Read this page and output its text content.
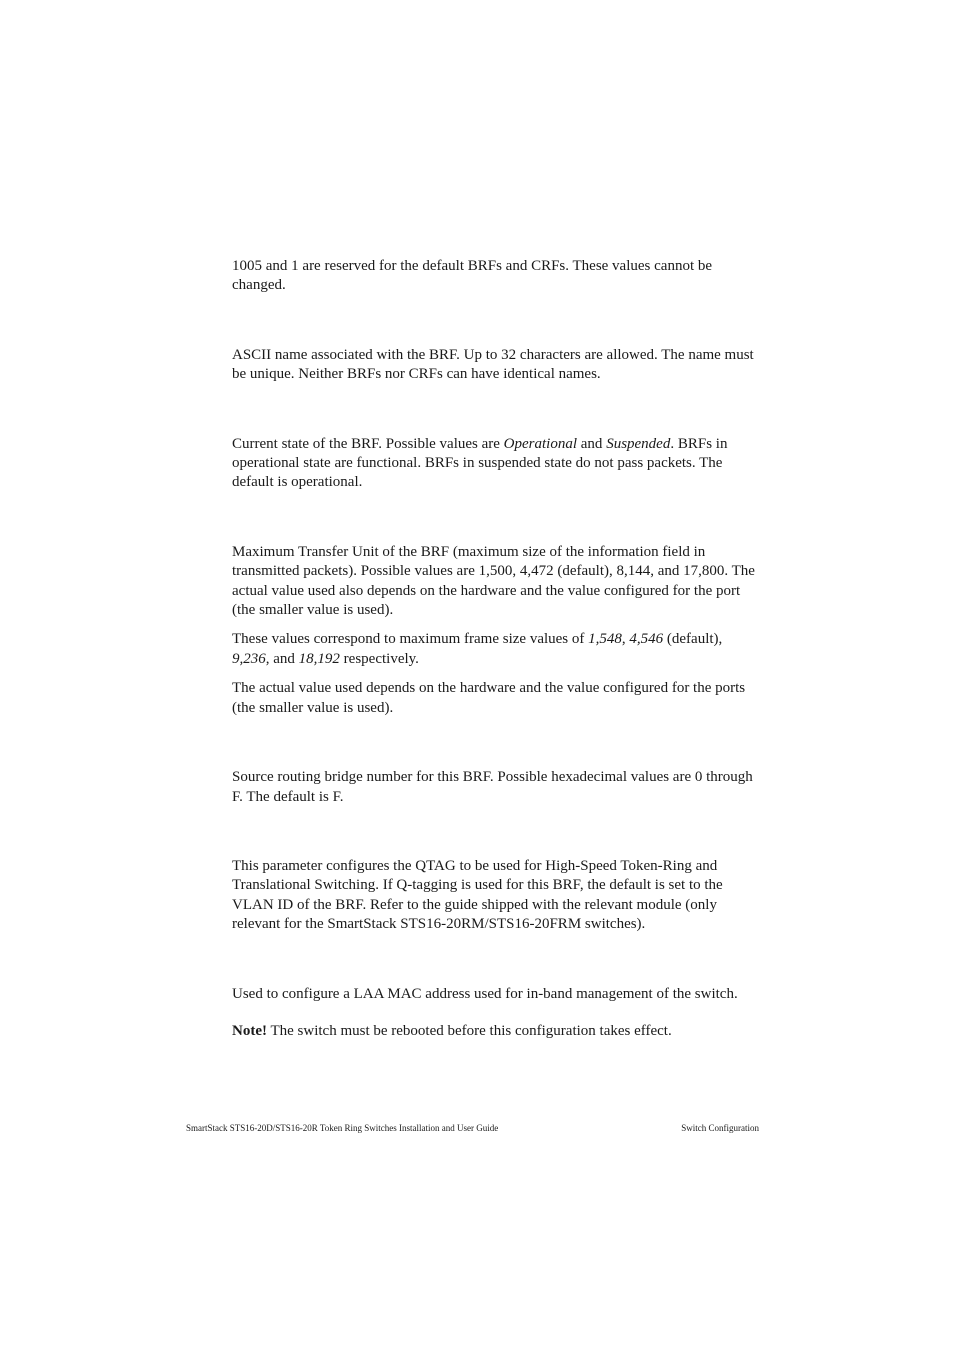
1005 and 1 are reserved for the default BRFs and CRFs. These values cannot be changed.

ASCII name associated with the BRF. Up to 32 characters are allowed. The name must be unique. Neither BRFs nor CRFs can have identical names.

Current state of the BRF. Possible values are Operational and Suspended. BRFs in operational state are functional. BRFs in suspended state do not pass packets. The default is operational.

Maximum Transfer Unit of the BRF (maximum size of the information field in transmitted packets). Possible values are 1,500, 4,472 (default), 8,144, and 17,800. The actual value used also depends on the hardware and the value configured for the port (the smaller value is used).

These values correspond to maximum frame size values of 1,548, 4,546 (default), 9,236, and 18,192 respectively.

The actual value used depends on the hardware and the value configured for the ports (the smaller value is used).

Source routing bridge number for this BRF. Possible hexadecimal values are 0 through F. The default is F.

This parameter configures the QTAG to be used for High-Speed Token-Ring and Translational Switching. If Q-tagging is used for this BRF, the default is set to the VLAN ID of the BRF. Refer to the guide shipped with the relevant module (only relevant for the SmartStack STS16-20RM/STS16-20FRM switches).

Used to configure a LAA MAC address used for in-band management of the switch.

Note! The switch must be rebooted before this configuration takes effect.

SmartStack STS16-20D/STS16-20R Token Ring Switches Installation and User Guide	Switch Configuration
